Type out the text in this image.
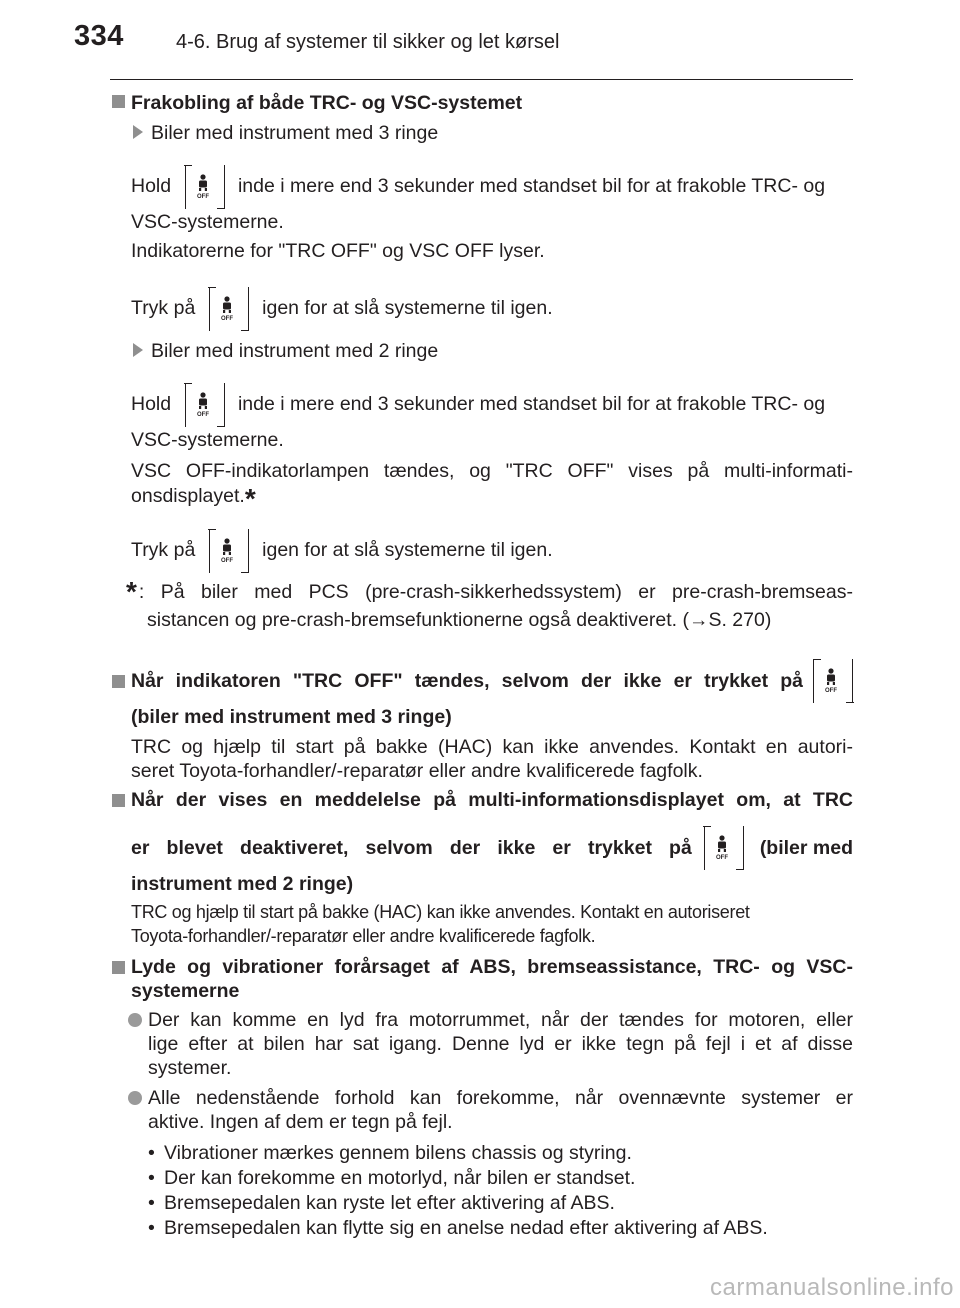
334	4-6. Brug af systemer til sikker og let kørsel
Frakobling af både TRC- og VSC-systemet
Biler med instrument med 3 ringe
Hold	OFF inde i mere end 3 sekunder med standset bil for at frakoble TRC- og
VSC-systemerne.
Indikatorerne for "TRC OFF" og VSC OFF lyser.
Tryk på	OFF igen for at slå systemerne til igen.
Biler med instrument med 2 ringe
Hold	OFF inde i mere end 3 sekunder med standset bil for at frakoble TRC- og
VSC-systemerne.
VSC OFF-indikatorlampen tændes, og "TRC OFF" vises på multi-informati-
onsdisplayet.*
Tryk på	OFF igen for at slå systemerne til igen.
* : På biler med PCS (pre-crash-sikkerhedssystem) er pre-crash-bremseas-
sistancen og pre-crash-bremsefunktionerne også deaktiveret. (→S. 270)
Når indikatoren "TRC OFF" tændes, selvom der ikke er trykket på	OFF
(biler med instrument med 3 ringe)
TRC og hjælp til start på bakke (HAC) kan ikke anvendes. Kontakt en autori-
seret Toyota-forhandler/-reparatør eller andre kvalificerede fagfolk.
Når der vises en meddelelse på multi-informationsdisplayet om, at TRC
er blevet deaktiveret, selvom der ikke er trykket på	OFF (biler med
instrument med 2 ringe)
TRC og hjælp til start på bakke (HAC) kan ikke anvendes. Kontakt en autoriseret
Toyota-forhandler/-reparatør eller andre kvalificerede fagfolk.
Lyde og vibrationer forårsaget af ABS, bremseassistance, TRC- og VSC-
systemerne
Der kan komme en lyd fra motorrummet, når der tændes for motoren, eller
lige efter at bilen har sat igang. Denne lyd er ikke tegn på fejl i et af disse
systemer.
Alle nedenstående forhold kan forekomme, når ovennævnte systemer er
aktive. Ingen af dem er tegn på fejl.
• Vibrationer mærkes gennem bilens chassis og styring.
• Der kan forekomme en motorlyd, når bilen er standset.
• Bremsepedalen kan ryste let efter aktivering af ABS.
• Bremsepedalen kan flytte sig en anelse nedad efter aktivering af ABS.
carmanualsonline.info
